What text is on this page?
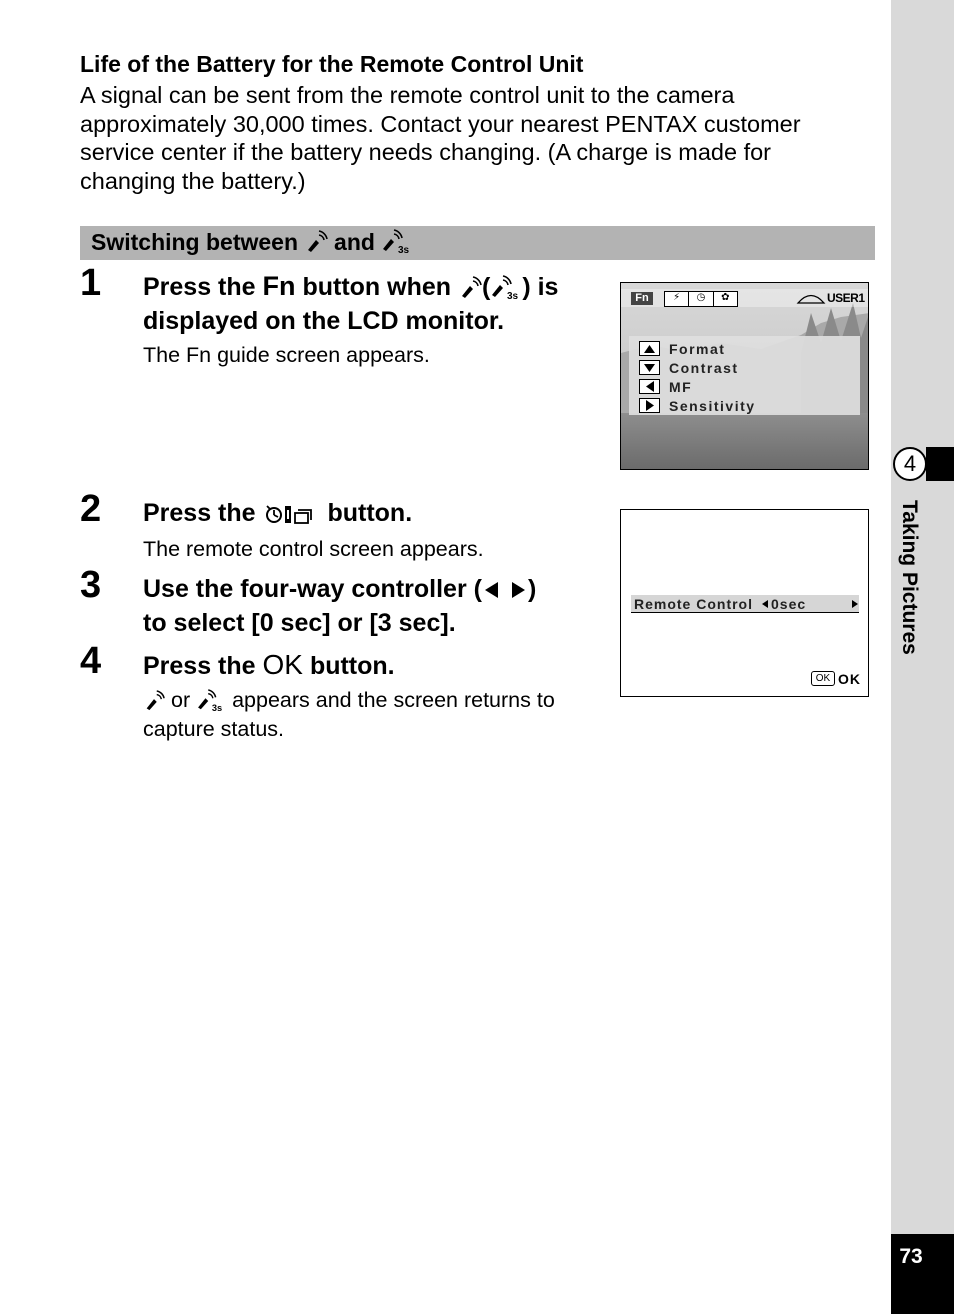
4
Taking Pictures
73
Life of the Battery for the Remote Control Unit
A signal can be sent from the remote control unit to the camera
approximately 30,000 times. Contact your nearest PENTAX customer
service center if the battery needs changing. (A charge is made for
changing the battery.)
Switching between and 3s
1 Press the Fn button when ( 3s ) is
displayed on the LCD monitor.
The Fn guide screen appears.
Fn	⚡	◷	✿	USER1
Format
Contrast
MF
Sensitivity
2 Press the	button.
The remote control screen appears.
Remote Control 0sec
OK OK
3 Use the four-way controller ( )
to select [0 sec] or [3 sec].
4 Press the OK button.
or 3s appears and the screen returns to
capture status.
